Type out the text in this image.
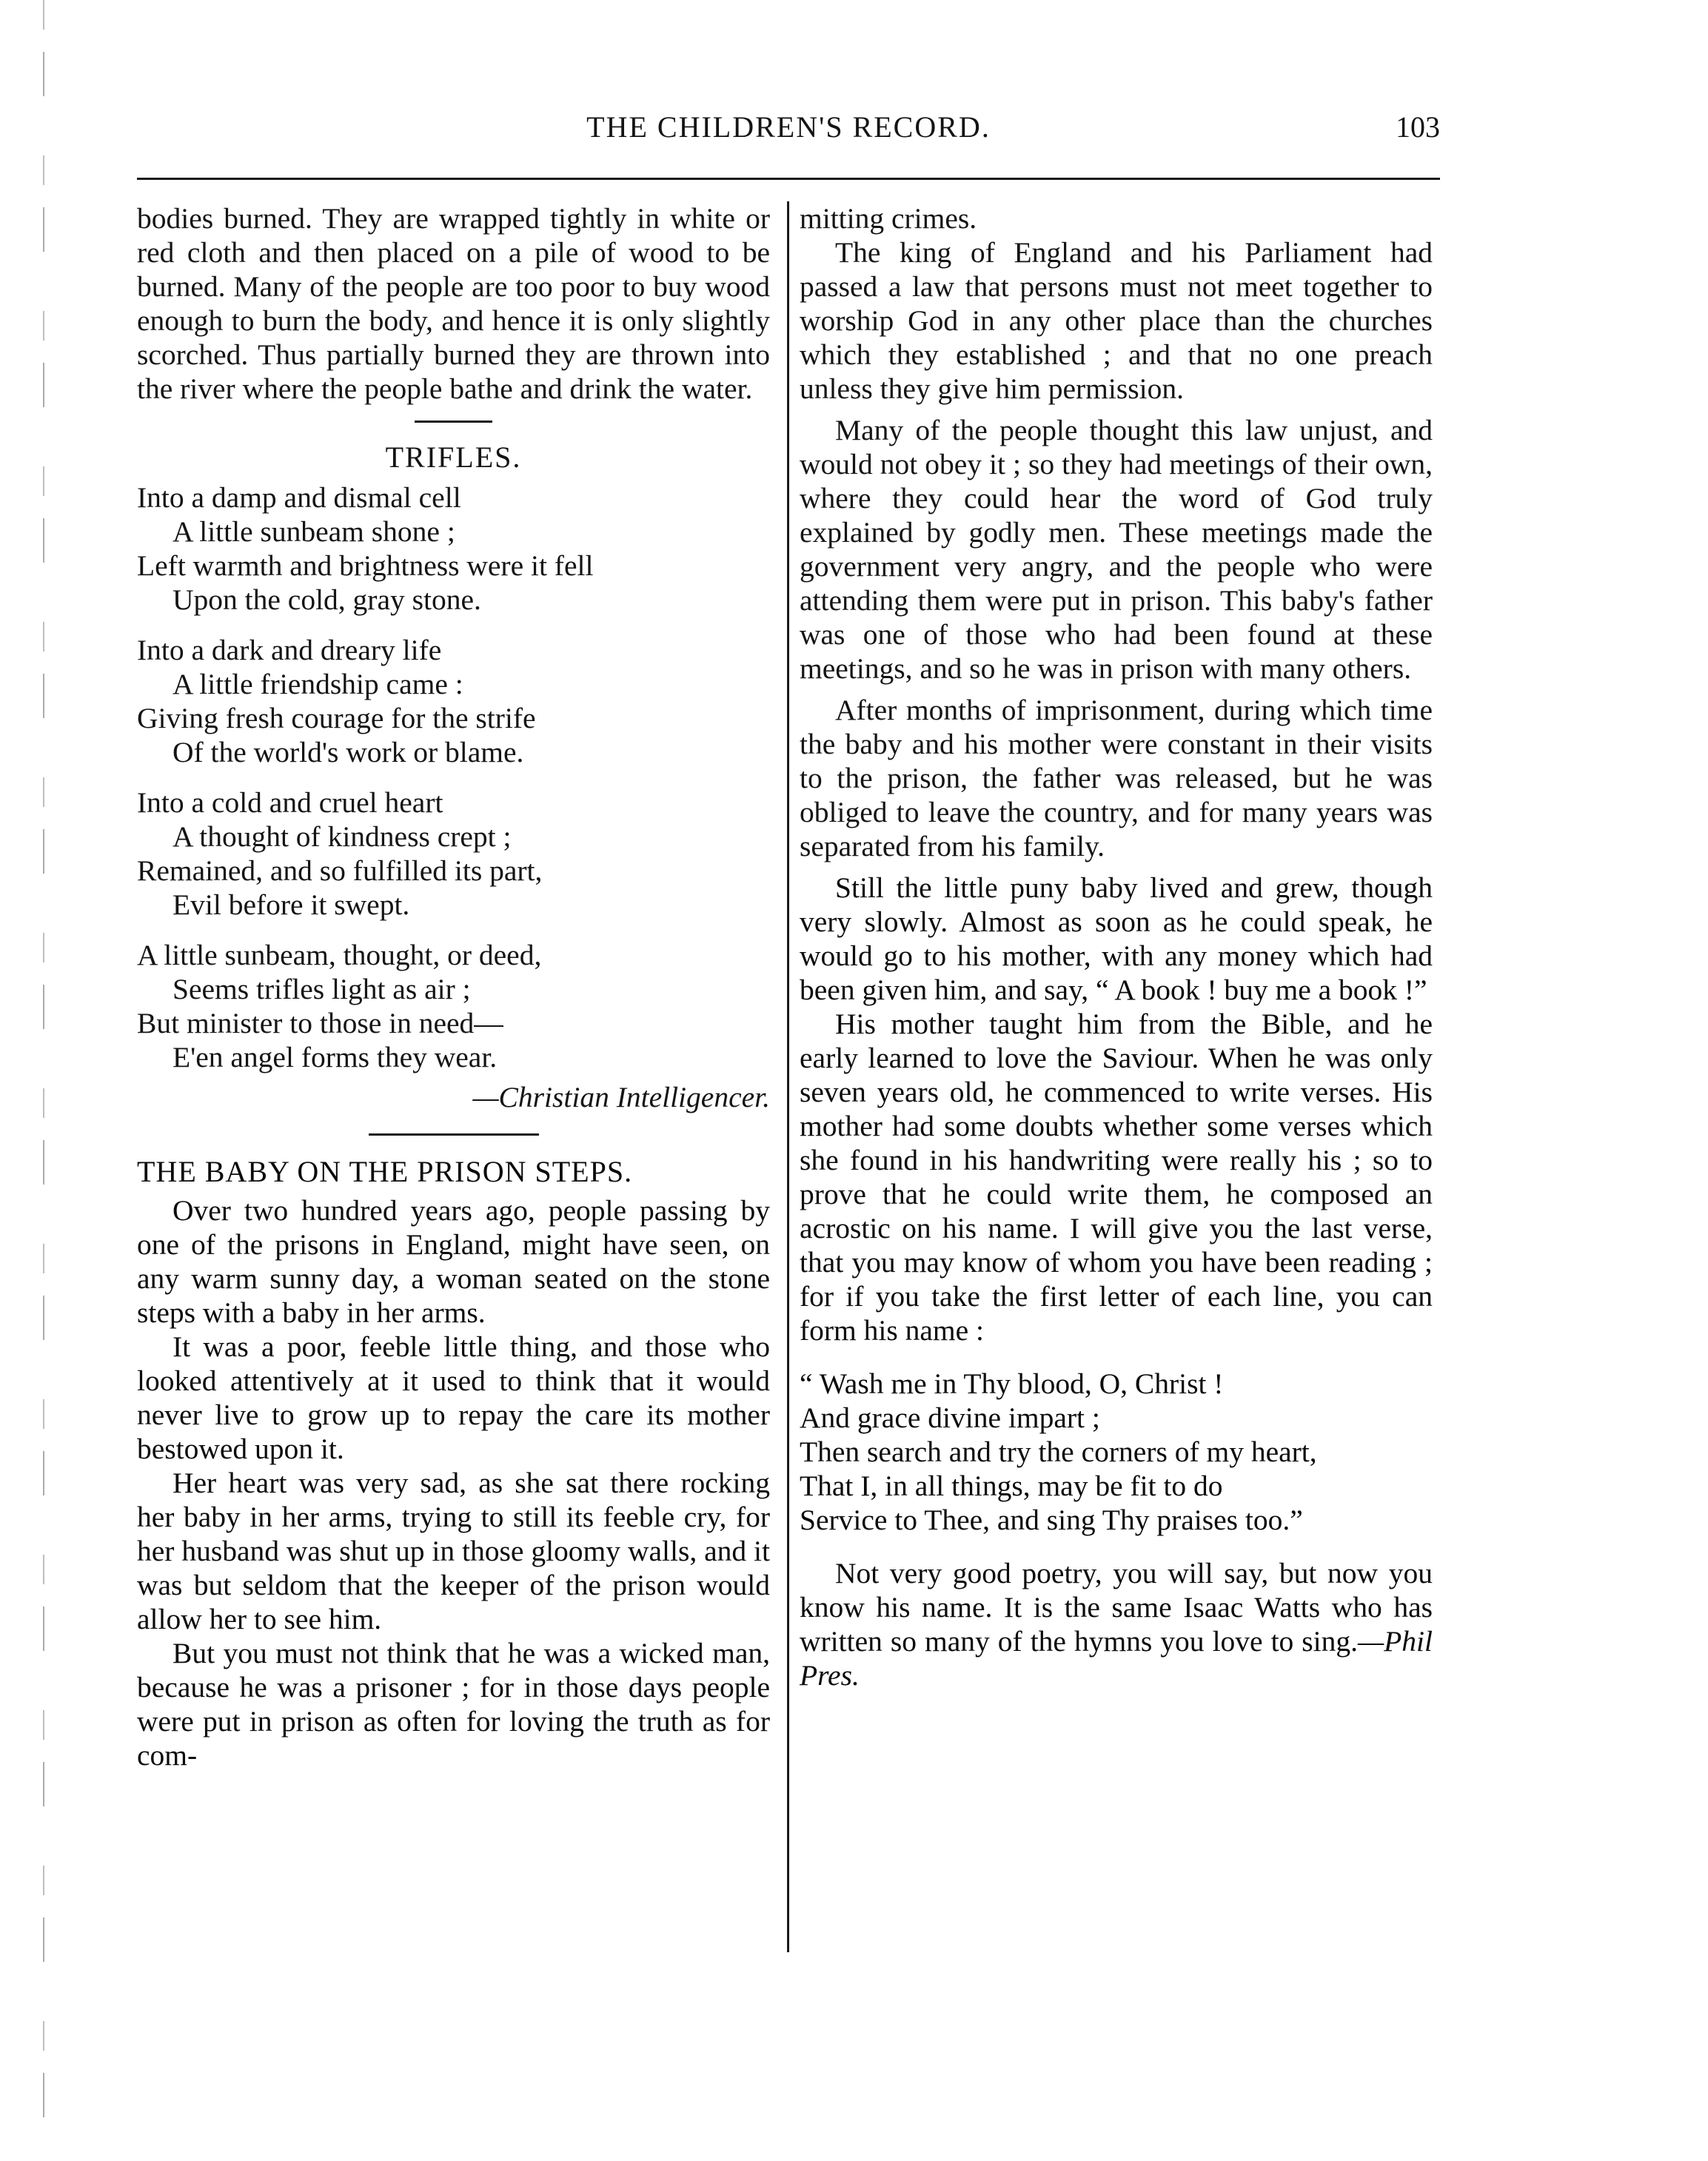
THE CHILDREN'S RECORD.	103

bodies burned. They are wrapped tightly in white or red cloth and then placed on a pile of wood to be burned. Many of the people are too poor to buy wood enough to burn the body, and hence it is only slightly scorched. Thus partially burned they are thrown into the river where the people bathe and drink the water.

TRIFLES.
Into a damp and dismal cell
A little sunbeam shone ;
Left warmth and brightness were it fell
Upon the cold, gray stone.
Into a dark and dreary life
A little friendship came :
Giving fresh courage for the strife
Of the world's work or blame.
Into a cold and cruel heart
A thought of kindness crept ;
Remained, and so fulfilled its part,
Evil before it swept.
A little sunbeam, thought, or deed,
Seems trifles light as air ;
But minister to those in need—
E'en angel forms they wear.
—Christian Intelligencer.
THE BABY ON THE PRISON STEPS.

Over two hundred years ago, people passing by one of the prisons in England, might have seen, on any warm sunny day, a woman seated on the stone steps with a baby in her arms.

It was a poor, feeble little thing, and those who looked attentively at it used to think that it would never live to grow up to repay the care its mother bestowed upon it.

Her heart was very sad, as she sat there rocking her baby in her arms, trying to still its feeble cry, for her husband was shut up in those gloomy walls, and it was but seldom that the keeper of the prison would allow her to see him.

But you must not think that he was a wicked man, because he was a prisoner ; for in those days people were put in prison as often for loving the truth as for com-

mitting crimes.

The king of England and his Parliament had passed a law that persons must not meet together to worship God in any other place than the churches which they established ; and that no one preach unless they give him permission.

Many of the people thought this law unjust, and would not obey it ; so they had meetings of their own, where they could hear the word of God truly explained by godly men. These meetings made the government very angry, and the people who were attending them were put in prison. This baby's father was one of those who had been found at these meetings, and so he was in prison with many others.

After months of imprisonment, during which time the baby and his mother were constant in their visits to the prison, the father was released, but he was obliged to leave the country, and for many years was separated from his family.

Still the little puny baby lived and grew, though very slowly. Almost as soon as he could speak, he would go to his mother, with any money which had been given him, and say, “ A book ! buy me a book !”

His mother taught him from the Bible, and he early learned to love the Saviour. When he was only seven years old, he commenced to write verses. His mother had some doubts whether some verses which she found in his handwriting were really his ; so to prove that he could write them, he composed an acrostic on his name. I will give you the last verse, that you may know of whom you have been reading ; for if you take the first letter of each line, you can form his name :

“ Wash me in Thy blood, O, Christ !
And grace divine impart ;
Then search and try the corners of my heart,
That I, in all things, may be fit to do
Service to Thee, and sing Thy praises too.”

Not very good poetry, you will say, but now you know his name. It is the same Isaac Watts who has written so many of the hymns you love to sing.—Phil Pres.
